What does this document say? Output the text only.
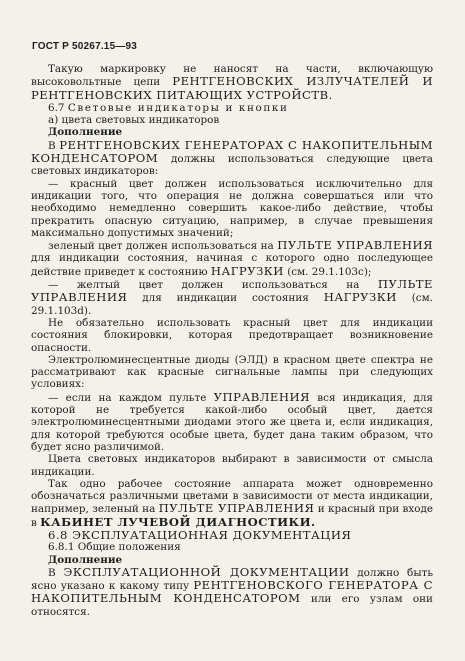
ГОСТ Р 50267.15—93

Такую маркировку не наносят на части, включающую высоковольтные цепи РЕНТГЕНОВСКИХ ИЗЛУЧАТЕЛЕЙ И РЕНТГЕНОВСКИХ ПИТАЮЩИХ УСТРОЙСТВ.

6.7 Световые индикаторы и кнопки

а) цвета световых индикаторов

Дополнение

В РЕНТГЕНОВСКИХ ГЕНЕРАТОРАХ С НАКОПИТЕЛЬНЫМ КОНДЕНСАТОРОМ должны использоваться следующие цвета световых индикаторов:

— красный цвет должен использоваться исключительно для индикации того, что операция не должна совершаться или что необходимо немедленно совершить какое-либо действие, чтобы прекратить опасную ситуацию, например, в случае превышения максимально допустимых значений;

зеленый цвет должен использоваться на ПУЛЬТЕ УПРАВЛЕНИЯ для индикации состояния, начиная с которого одно последующее действие приведет к состоянию НАГРУЗКИ (см. 29.1.103с);

— желтый цвет должен использоваться на ПУЛЬТЕ УПРАВЛЕНИЯ для индикации состояния НАГРУЗКИ (см. 29.1.103d).

Не обязательно использовать красный цвет для индикации состояния блокировки, которая предотвращает возникновение опасности.

Электролюминесцентные диоды (ЭЛД) в красном цвете спектра не рассматривают как красные сигнальные лампы при следующих условиях:

— если на каждом пульте УПРАВЛЕНИЯ вся индикация, для которой не требуется какой-либо особый цвет, дается электролюминесцентными диодами этого же цвета и, если индикация, для которой требуются особые цвета, будет дана таким образом, что будет ясно различимой.

Цвета световых индикаторов выбирают в зависимости от смысла индикации.

Так одно рабочее состояние аппарата может одновременно обозначаться различными цветами в зависимости от места индикации, например, зеленый на ПУЛЬТЕ УПРАВЛЕНИЯ и красный при входе в КАБИНЕТ ЛУЧЕВОЙ ДИАГНОСТИКИ.

6.8 ЭКСПЛУАТАЦИОННАЯ ДОКУМЕНТАЦИЯ

6.8.1 Общие положения

Дополнение

В ЭКСПЛУАТАЦИОННОЙ ДОКУМЕНТАЦИИ должно быть ясно указано к какому типу РЕНТГЕНОВСКОГО ГЕНЕРАТОРА С НАКОПИТЕЛЬНЫМ КОНДЕНСАТОРОМ или его узлам они относятся.
